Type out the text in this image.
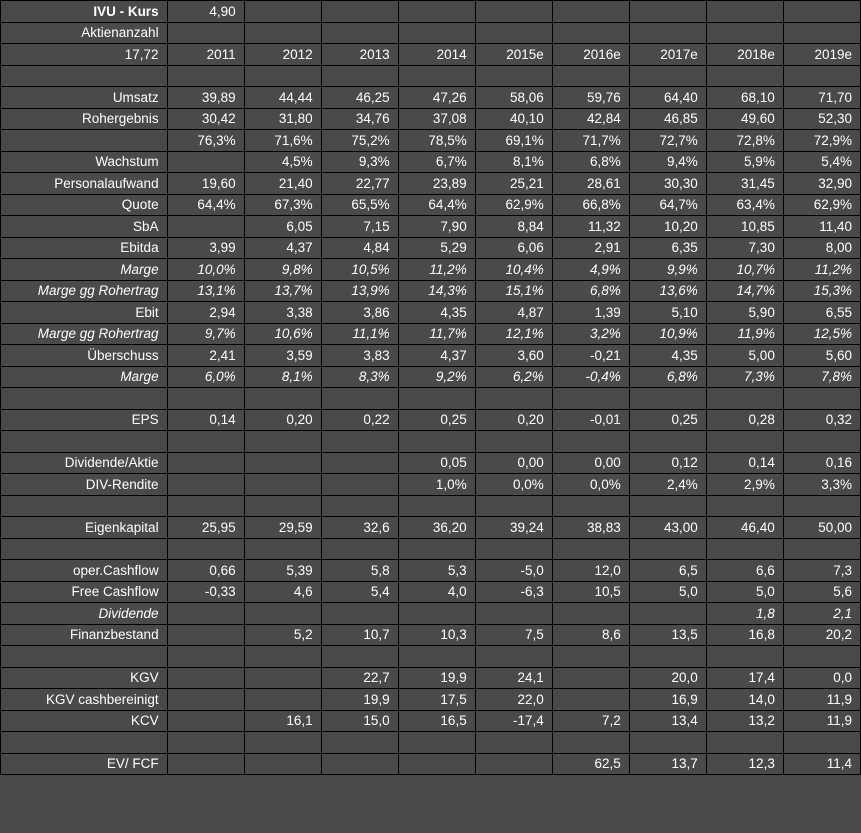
IVU - Kurs	4,90								
Aktienanzahl									
17,72	2011	2012	2013	2014	2015e	2016e	2017e	2018e	2019e

Umsatz	39,89	44,44	46,25	47,26	58,06	59,76	64,40	68,10	71,70
Rohergebnis	30,42	31,80	34,76	37,08	40,10	42,84	46,85	49,60	52,30
	76,3%	71,6%	75,2%	78,5%	69,1%	71,7%	72,7%	72,8%	72,9%
Wachstum		4,5%	9,3%	6,7%	8,1%	6,8%	9,4%	5,9%	5,4%
Personalaufwand	19,60	21,40	22,77	23,89	25,21	28,61	30,30	31,45	32,90
Quote	64,4%	67,3%	65,5%	64,4%	62,9%	66,8%	64,7%	63,4%	62,9%
SbA		6,05	7,15	7,90	8,84	11,32	10,20	10,85	11,40
Ebitda	3,99	4,37	4,84	5,29	6,06	2,91	6,35	7,30	8,00
Marge	10,0%	9,8%	10,5%	11,2%	10,4%	4,9%	9,9%	10,7%	11,2%
Marge gg Rohertrag	13,1%	13,7%	13,9%	14,3%	15,1%	6,8%	13,6%	14,7%	15,3%
Ebit	2,94	3,38	3,86	4,35	4,87	1,39	5,10	5,90	6,55
Marge gg Rohertrag	9,7%	10,6%	11,1%	11,7%	12,1%	3,2%	10,9%	11,9%	12,5%
Überschuss	2,41	3,59	3,83	4,37	3,60	-0,21	4,35	5,00	5,60
Marge	6,0%	8,1%	8,3%	9,2%	6,2%	-0,4%	6,8%	7,3%	7,8%

EPS	0,14	0,20	0,22	0,25	0,20	-0,01	0,25	0,28	0,32

Dividende/Aktie				0,05	0,00	0,00	0,12	0,14	0,16
DIV-Rendite				1,0%	0,0%	0,0%	2,4%	2,9%	3,3%

Eigenkapital	25,95	29,59	32,6	36,20	39,24	38,83	43,00	46,40	50,00

oper.Cashflow	0,66	5,39	5,8	5,3	-5,0	12,0	6,5	6,6	7,3
Free Cashflow	-0,33	4,6	5,4	4,0	-6,3	10,5	5,0	5,0	5,6
Dividende								1,8	2,1
Finanzbestand		5,2	10,7	10,3	7,5	8,6	13,5	16,8	20,2

KGV			22,7	19,9	24,1		20,0	17,4	0,0
KGV cashbereinigt			19,9	17,5	22,0		16,9	14,0	11,9
KCV		16,1	15,0	16,5	-17,4	7,2	13,4	13,2	11,9

EV/ FCF						62,5	13,7	12,3	11,4
